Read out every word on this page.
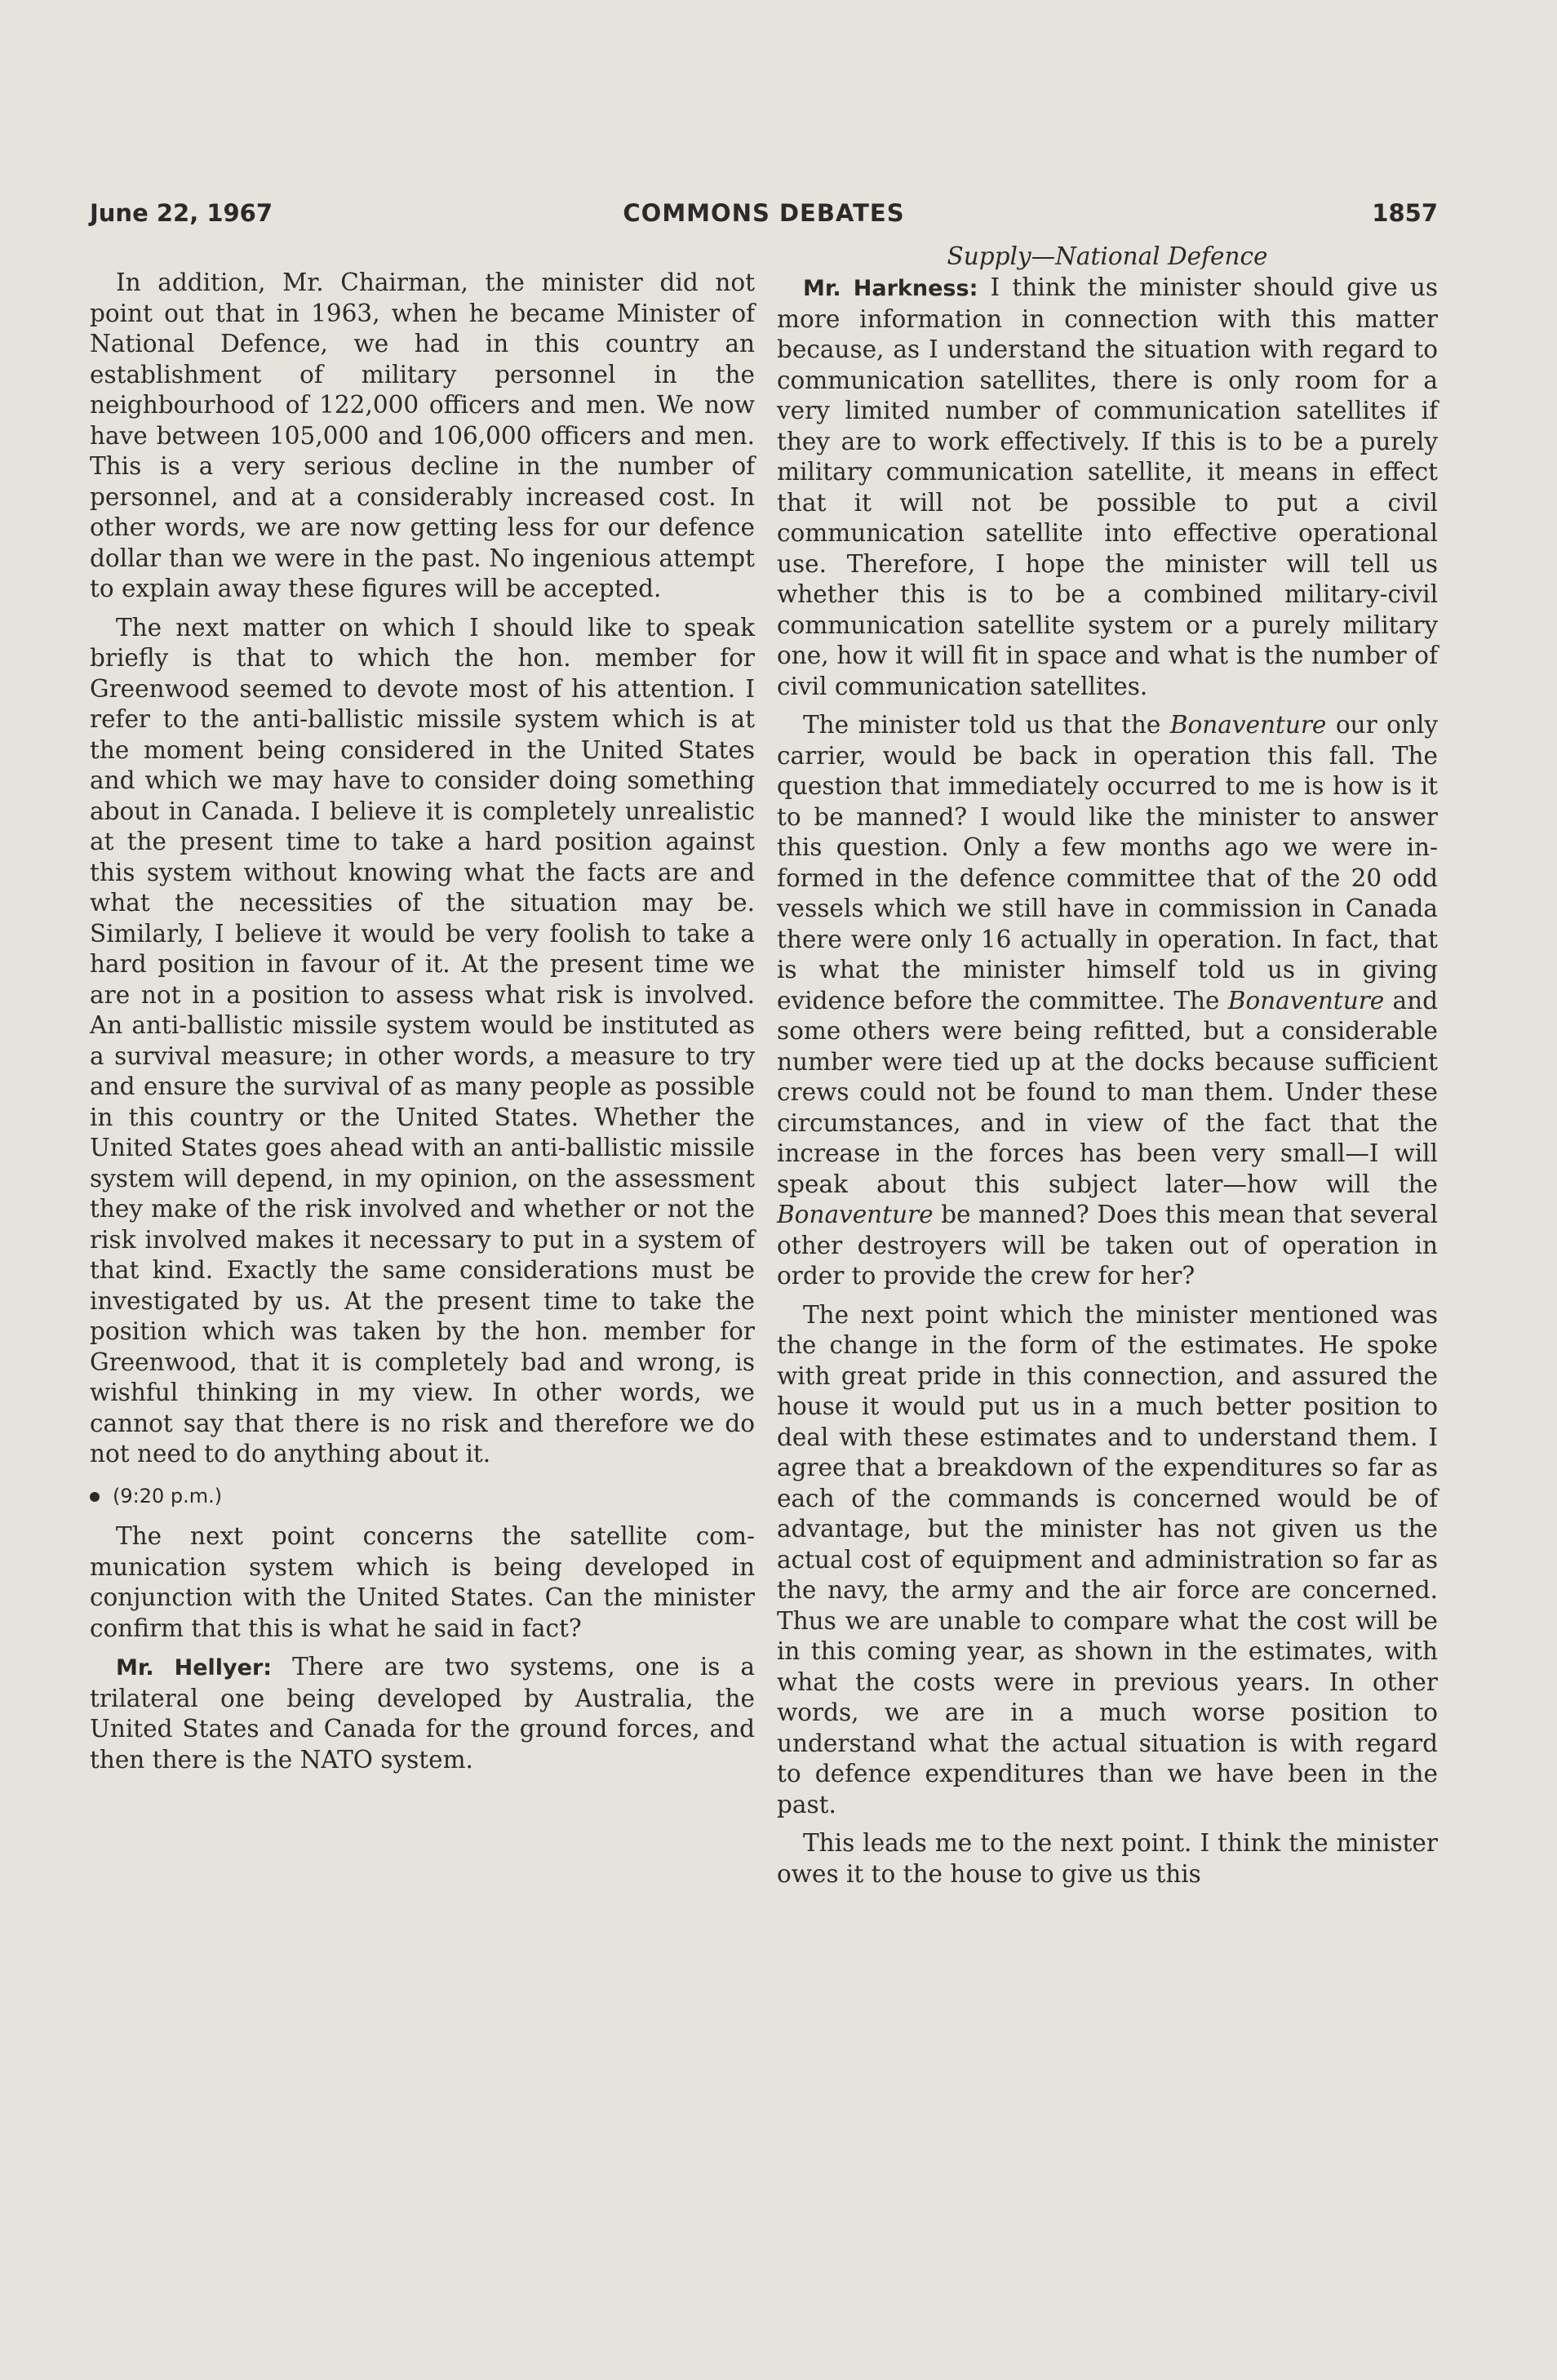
June 22, 1967	COMMONS DEBATES	1857

In addition, Mr. Chairman, the minister did not point out that in 1963, when he became Minister of National Defence, we had in this country an establishment of military personnel in the neighbourhood of 122,000 officers and men. We now have between 105,000 and 106,000 officers and men. This is a very serious decline in the number of personnel, and at a considerably increased cost. In other words, we are now getting less for our defence dollar than we were in the past. No ingenious attempt to explain away these figures will be accepted.

The next matter on which I should like to speak briefly is that to which the hon. member for Greenwood seemed to devote most of his attention. I refer to the anti-ballistic missile system which is at the moment being considered in the United States and which we may have to consider doing something about in Canada. I believe it is completely unrealistic at the present time to take a hard position against this system without knowing what the facts are and what the necessities of the situation may be. Similarly, I believe it would be very foolish to take a hard position in favour of it. At the present time we are not in a position to assess what risk is involved. An anti-ballistic missile system would be instituted as a survival measure; in other words, a measure to try and ensure the survival of as many people as possible in this country or the United States. Whether the United States goes ahead with an anti-ballistic missile system will depend, in my opinion, on the assessment they make of the risk involved and whether or not the risk involved makes it necessary to put in a system of that kind. Exactly the same considerations must be investigated by us. At the present time to take the position which was taken by the hon. member for Greenwood, that it is completely bad and wrong, is wishful thinking in my view. In other words, we cannot say that there is no risk and therefore we do not need to do anything about it.

(9:20 p.m.)

The next point concerns the satellite communication system which is being developed in conjunction with the United States. Can the minister confirm that this is what he said in fact?

Mr. Hellyer: There are two systems, one is a trilateral one being developed by Australia, the United States and Canada for the ground forces, and then there is the NATO system.

Supply—National Defence

Mr. Harkness: I think the minister should give us more information in connection with this matter because, as I understand the situation with regard to communication satellites, there is only room for a very limited number of communication satellites if they are to work effectively. If this is to be a purely military communication satellite, it means in effect that it will not be possible to put a civil communication satellite into effective operational use. Therefore, I hope the minister will tell us whether this is to be a combined military-civil communication satellite system or a purely military one, how it will fit in space and what is the number of civil communication satellites.

The minister told us that the Bonaventure our only carrier, would be back in operation this fall. The question that immediately occurred to me is how is it to be manned? I would like the minister to answer this question. Only a few months ago we were informed in the defence committee that of the 20 odd vessels which we still have in commission in Canada there were only 16 actually in operation. In fact, that is what the minister himself told us in giving evidence before the committee. The Bonaventure and some others were being refitted, but a considerable number were tied up at the docks because sufficient crews could not be found to man them. Under these circumstances, and in view of the fact that the increase in the forces has been very small—I will speak about this subject later—how will the Bonaventure be manned? Does this mean that several other destroyers will be taken out of operation in order to provide the crew for her?

The next point which the minister mentioned was the change in the form of the estimates. He spoke with great pride in this connection, and assured the house it would put us in a much better position to deal with these estimates and to understand them. I agree that a breakdown of the expenditures so far as each of the commands is concerned would be of advantage, but the minister has not given us the actual cost of equipment and administration so far as the navy, the army and the air force are concerned. Thus we are unable to compare what the cost will be in this coming year, as shown in the estimates, with what the costs were in previous years. In other words, we are in a much worse position to understand what the actual situation is with regard to defence expenditures than we have been in the past.

This leads me to the next point. I think the minister owes it to the house to give us this
